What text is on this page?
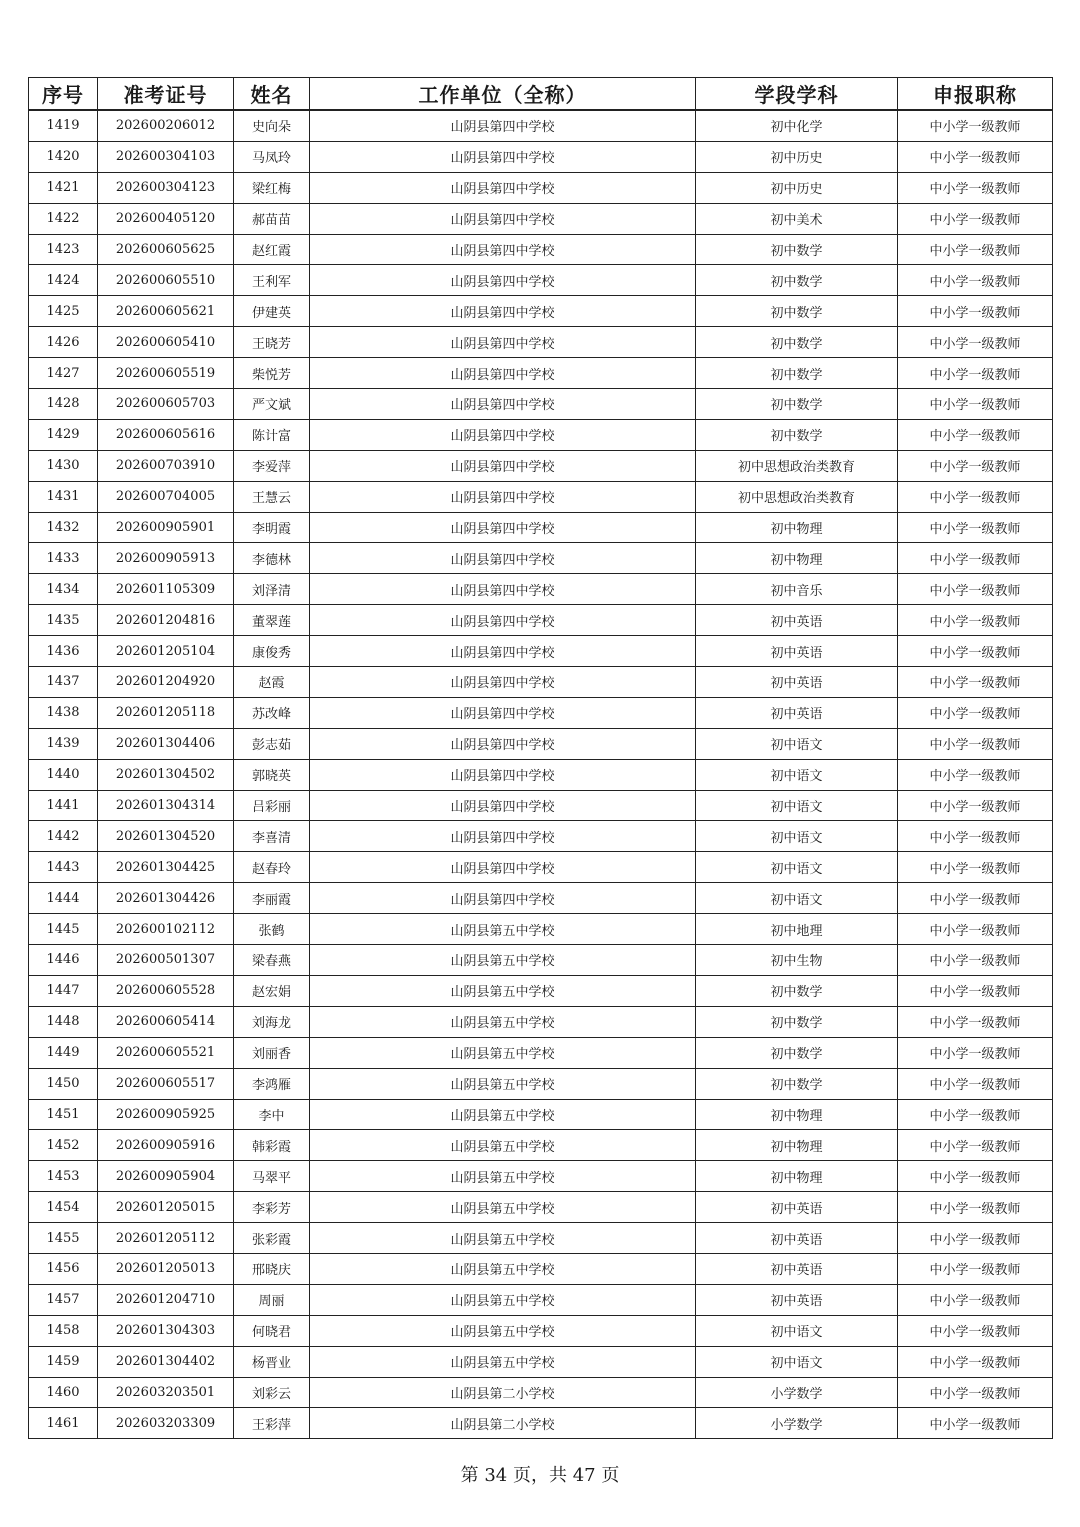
序号	准考证号	姓名	工作单位（全称）	学段学科	申报职称
1419	202600206012	史向朵	山阴县第四中学校	初中化学	中小学一级教师
1420	202600304103	马凤玲	山阴县第四中学校	初中历史	中小学一级教师
1421	202600304123	梁红梅	山阴县第四中学校	初中历史	中小学一级教师
1422	202600405120	郝苗苗	山阴县第四中学校	初中美术	中小学一级教师
1423	202600605625	赵红霞	山阴县第四中学校	初中数学	中小学一级教师
1424	202600605510	王利军	山阴县第四中学校	初中数学	中小学一级教师
1425	202600605621	伊建英	山阴县第四中学校	初中数学	中小学一级教师
1426	202600605410	王晓芳	山阴县第四中学校	初中数学	中小学一级教师
1427	202600605519	柴悦芳	山阴县第四中学校	初中数学	中小学一级教师
1428	202600605703	严文斌	山阴县第四中学校	初中数学	中小学一级教师
1429	202600605616	陈计富	山阴县第四中学校	初中数学	中小学一级教师
1430	202600703910	李爱萍	山阴县第四中学校	初中思想政治类教育	中小学一级教师
1431	202600704005	王慧云	山阴县第四中学校	初中思想政治类教育	中小学一级教师
1432	202600905901	李明霞	山阴县第四中学校	初中物理	中小学一级教师
1433	202600905913	李德林	山阴县第四中学校	初中物理	中小学一级教师
1434	202601105309	刘泽清	山阴县第四中学校	初中音乐	中小学一级教师
1435	202601204816	董翠莲	山阴县第四中学校	初中英语	中小学一级教师
1436	202601205104	康俊秀	山阴县第四中学校	初中英语	中小学一级教师
1437	202601204920	赵霞	山阴县第四中学校	初中英语	中小学一级教师
1438	202601205118	苏改峰	山阴县第四中学校	初中英语	中小学一级教师
1439	202601304406	彭志茹	山阴县第四中学校	初中语文	中小学一级教师
1440	202601304502	郭晓英	山阴县第四中学校	初中语文	中小学一级教师
1441	202601304314	吕彩丽	山阴县第四中学校	初中语文	中小学一级教师
1442	202601304520	李喜清	山阴县第四中学校	初中语文	中小学一级教师
1443	202601304425	赵春玲	山阴县第四中学校	初中语文	中小学一级教师
1444	202601304426	李丽霞	山阴县第四中学校	初中语文	中小学一级教师
1445	202600102112	张鹤	山阴县第五中学校	初中地理	中小学一级教师
1446	202600501307	梁春燕	山阴县第五中学校	初中生物	中小学一级教师
1447	202600605528	赵宏娟	山阴县第五中学校	初中数学	中小学一级教师
1448	202600605414	刘海龙	山阴县第五中学校	初中数学	中小学一级教师
1449	202600605521	刘丽香	山阴县第五中学校	初中数学	中小学一级教师
1450	202600605517	李鸿雁	山阴县第五中学校	初中数学	中小学一级教师
1451	202600905925	李中	山阴县第五中学校	初中物理	中小学一级教师
1452	202600905916	韩彩霞	山阴县第五中学校	初中物理	中小学一级教师
1453	202600905904	马翠平	山阴县第五中学校	初中物理	中小学一级教师
1454	202601205015	李彩芳	山阴县第五中学校	初中英语	中小学一级教师
1455	202601205112	张彩霞	山阴县第五中学校	初中英语	中小学一级教师
1456	202601205013	邢晓庆	山阴县第五中学校	初中英语	中小学一级教师
1457	202601204710	周丽	山阴县第五中学校	初中英语	中小学一级教师
1458	202601304303	何晓君	山阴县第五中学校	初中语文	中小学一级教师
1459	202601304402	杨晋业	山阴县第五中学校	初中语文	中小学一级教师
1460	202603203501	刘彩云	山阴县第二小学校	小学数学	中小学一级教师
1461	202603203309	王彩萍	山阴县第二小学校	小学数学	中小学一级教师
第 34 页，共 47 页
